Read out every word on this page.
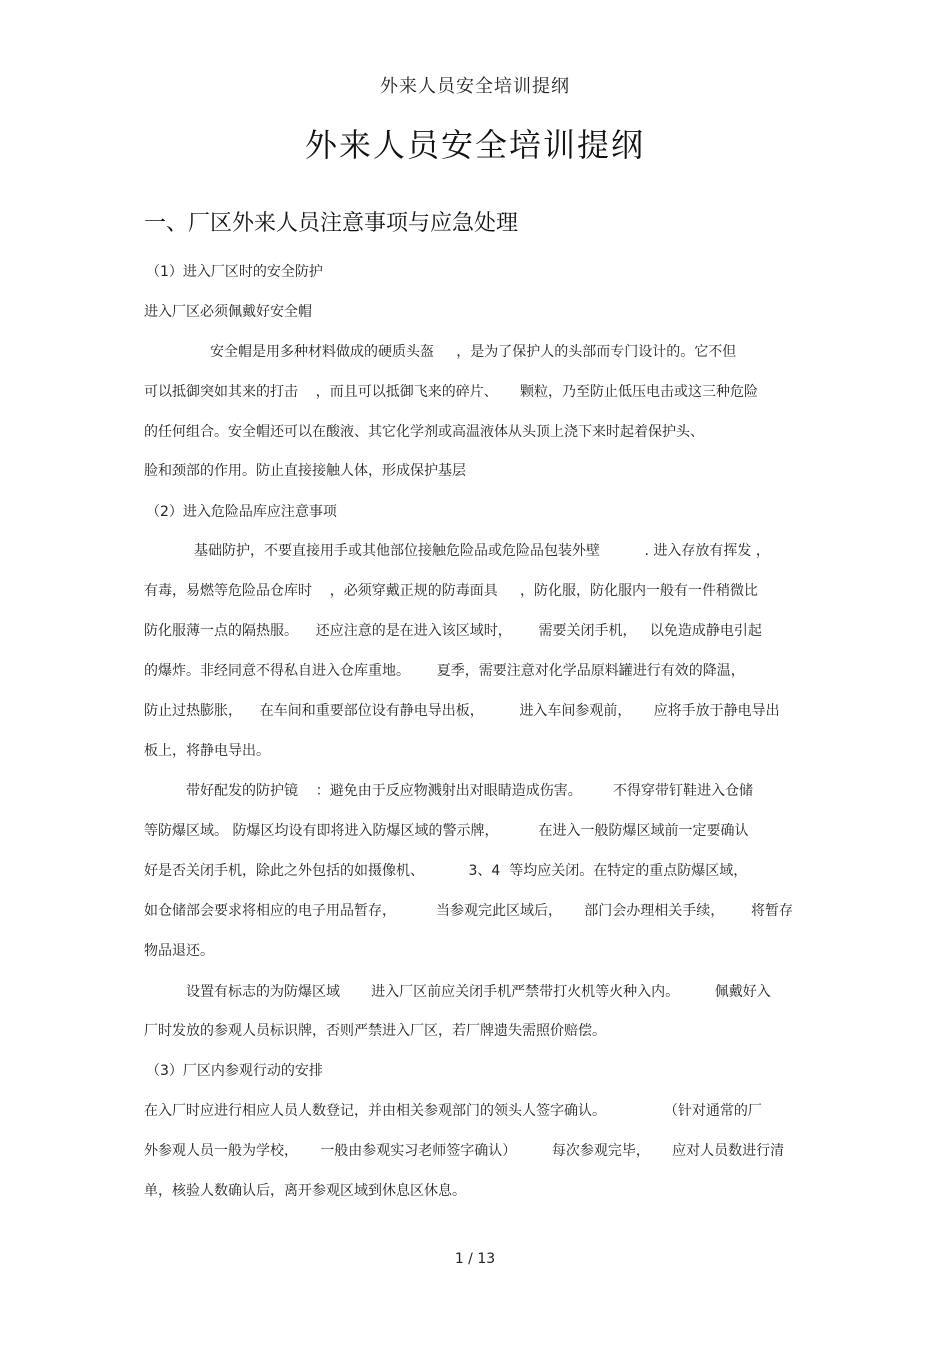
外来人员安全培训提纲
外来人员安全培训提纲
一、厂区外来人员注意事项与应急处理
（1）进入厂区时的安全防护
进入厂区必须佩戴好安全帽
安全帽是用多种材料做成的硬质头盔     ，是为了保护人的头部而专门设计的。它不但
可以抵御突如其来的打击    ，而且可以抵御飞来的碎片、     颗粒，乃至防止低压电击或这三种危险
的任何组合。安全帽还可以在酸液、其它化学剂或高温液体从头顶上浇下来时起着保护头、
脸和颈部的作用。防止直接接触人体，形成保护基层
（2）进入危险品库应注意事项
基础防护，不要直接用手或其他部位接触危险品或危险品包装外壁          . 进入存放有挥发 ，
有毒，易燃等危险品仓库时    ，必须穿戴正规的防毒面具     ，防化服，防化服内一般有一件稍微比
防化服薄一点的隔热服。    还应注意的是在进入该区域时，      需要关闭手机，   以免造成静电引起
的爆炸。非经同意不得私自进入仓库重地。      夏季，需要注意对化学品原料罐进行有效的降温，
防止过热膨胀，    在车间和重要部位设有静电导出板，        进入车间参观前，     应将手放于静电导出
板上，将静电导出。
带好配发的防护镜    ：避免由于反应物溅射出对眼睛造成伤害。       不得穿带钉鞋进入仓储
等防爆区域。 防爆区均设有即将进入防爆区域的警示牌，         在进入一般防爆区域前一定要确认
好是否关闭手机，除此之外包括的如摄像机、          3、4  等均应关闭。在特定的重点防爆区域，
如仓储部会要求将相应的电子用品暂存，         当参观完此区域后，     部门会办理相关手续，      将暂存
物品退还。
设置有标志的为防爆区域       进入厂区前应关闭手机严禁带打火机等火种入内。        佩戴好入
厂时发放的参观人员标识牌，否则严禁进入厂区，若厂牌遗失需照价赔偿。
（3）厂区内参观行动的安排
在入厂时应进行相应人员人数登记，并由相关参观部门的领头人签字确认。             （针对通常的厂
外参观人员一般为学校，     一般由参观实习老师签字确认）        每次参观完毕，     应对人员数进行清
单，核验人数确认后，离开参观区域到休息区休息。
1 / 13
